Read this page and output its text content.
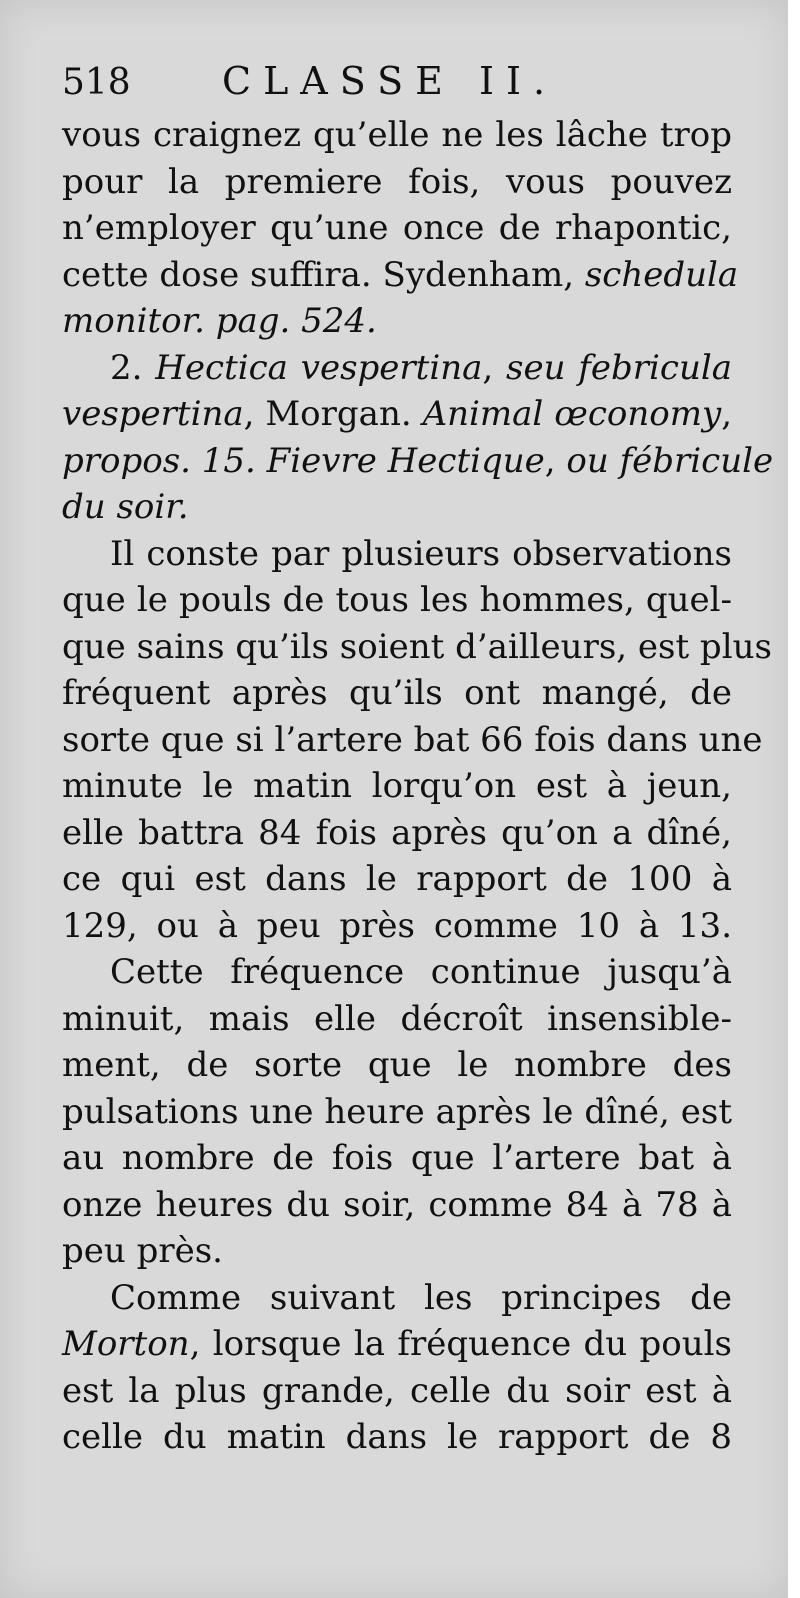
518	CLASSE II.
vous craignez qu’elle ne les lâche trop
pour la premiere fois, vous pouvez
n’employer qu’une once de rhapontic,
cette dose suffira. Sydenham, schedula
monitor. pag. 524.
2. Hectica vespertina, seu febricula
vespertina, Morgan. Animal œconomy,
propos. 15. Fievre Hectique, ou fébricule
du soir.
Il conste par plusieurs observations
que le pouls de tous les hommes, quel-
que sains qu’ils soient d’ailleurs, est plus
fréquent après qu’ils ont mangé, de
sorte que si l’artere bat 66 fois dans une
minute le matin lorqu’on est à jeun,
elle battra 84 fois après qu’on a dîné,
ce qui est dans le rapport de 100 à
129, ou à peu près comme 10 à 13.
Cette fréquence continue jusqu’à
minuit, mais elle décroît insensible-
ment, de sorte que le nombre des
pulsations une heure après le dîné, est
au nombre de fois que l’artere bat à
onze heures du soir, comme 84 à 78 à
peu près.
Comme suivant les principes de
Morton, lorsque la fréquence du pouls
est la plus grande, celle du soir est à
celle du matin dans le rapport de 8
